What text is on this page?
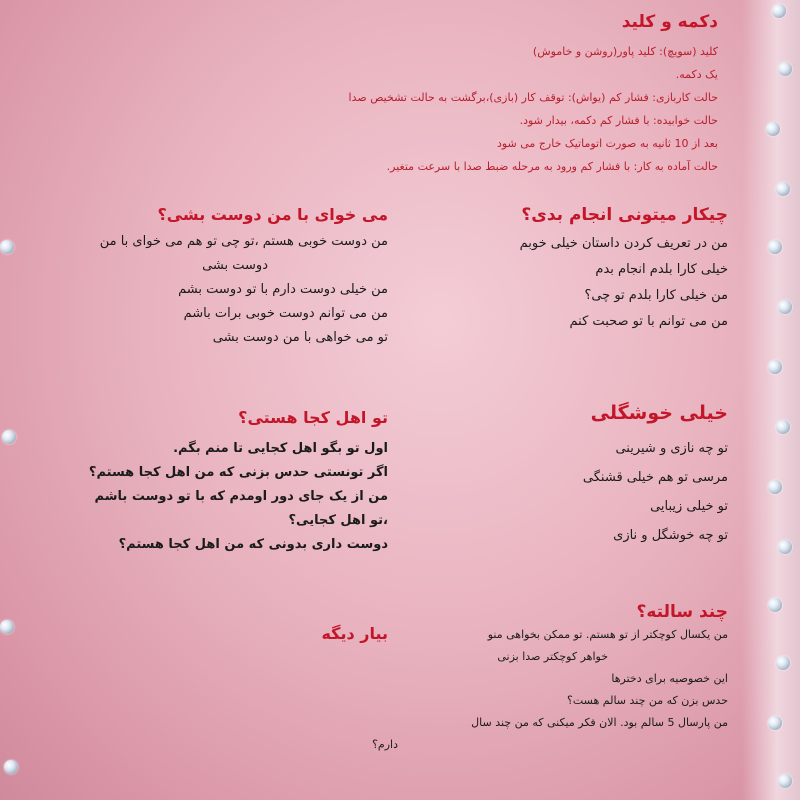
دکمه و کلید

کلید (سویچ): کلید پاور(روشن و خاموش)

یک دکمه.

حالت کاربازی: فشار کم (یواش): توقف کار (بازی)،برگشت به حالت تشخیص صدا

حالت خوابیده: با فشار کم دکمه، بیدار شود.

بعد از 10 ثانیه به صورت اتوماتیک خارج می شود

حالت آماده به کار: با فشار کم ورود به مرحله ضبط صدا با سرعت متغیر.

چیکار میتونی انجام بدی؟

من در تعریف کردن داستان خیلی خوبم

خیلی کارا بلدم انجام بدم

من خیلی کارا بلدم تو چی؟

من می توانم با تو صحبت کنم

می خوای با من دوست بشی؟

من دوست خوبی هستم ،تو چی تو هم می خوای با من

دوست بشی

من خیلی دوست دارم با تو دوست بشم

من می توانم دوست خوبی برات باشم

تو می خواهی با من دوست بشی

خیلی خوشگلی

تو چه نازی و شیرینی

مرسی تو هم خیلی قشنگی

تو خیلی زیبایی

تو چه خوشگل و نازی

تو اهل کجا هستی؟

اول تو بگو اهل کجایی تا منم بگم.

اگر تونستی حدس بزنی که من اهل کجا هستم؟

من از یک جای دور اومدم که با تو دوست باشم

،تو اهل کجایی؟

دوست داری بدونی که من اهل کجا هستم؟

چند سالته؟

من یکسال کوچکتر از تو هستم. تو ممکن بخواهی منو

خواهر کوچکتر صدا بزنی

این خصوصیه برای دخترها

حدس بزن که من چند سالم هست؟

من پارسال 5 سالم بود. الان فکر میکنی که من چند سال

دارم؟

بیار دیگه
